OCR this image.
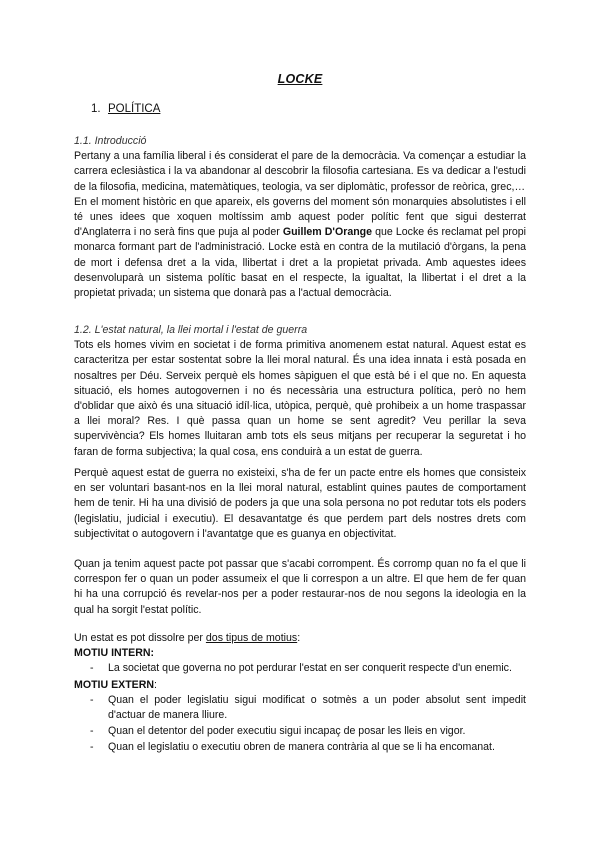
LOCKE
1. POLÍTICA

1.1. Introducció

Pertany a una família liberal i és considerat el pare de la democràcia. Va començar a estudiar la carrera eclesiàstica i la va abandonar al descobrir la filosofia cartesiana. Es va dedicar a l'estudi de la filosofia, medicina, matemàtiques, teologia, va ser diplomàtic, professor de reòrica, grec,…

En el moment històric en que apareix, els governs del moment són monarquies absolutistes i ell té unes idees que xoquen moltíssim amb aquest poder polític fent que sigui desterrat d'Anglaterra i no serà fins que puja al poder Guillem D'Orange que Locke és reclamat pel propi monarca formant part de l'administració. Locke està en contra de la mutilació d'òrgans, la pena de mort i defensa dret a la vida, llibertat i dret a la propietat privada. Amb aquestes idees desenvoluparà un sistema polític basat en el respecte, la igualtat, la llibertat i el dret a la propietat privada; un sistema que donarà pas a l'actual democràcia.

1.2. L'estat natural, la llei mortal i l'estat de guerra

Tots els homes vivim en societat i de forma primitiva anomenem estat natural. Aquest estat es caracteritza per estar sostentat sobre la llei moral natural. És una idea innata i està posada en nosaltres per Déu. Serveix perquè els homes sàpiguen el que està bé i el que no. En aquesta situació, els homes autogovernen i no és necessària una estructura política, però no hem d'oblidar que això és una situació idíl·lica, utòpica, perquè, què prohibeix a un home traspassar a llei moral? Res. I què passa quan un home se sent agredit? Veu perillar la seva supervivència? Els homes lluitaran amb tots els seus mitjans per recuperar la seguretat i ho faran de forma subjectiva; la qual cosa, ens conduirà a un estat de guerra.

Perquè aquest estat de guerra no existeixi, s'ha de fer un pacte entre els homes que consisteix en ser voluntari basant-nos en la llei moral natural, establint quines pautes de comportament hem de tenir. Hi ha una divisió de poders ja que una sola persona no pot redutar tots els poders (legislatiu, judicial i executiu). El desavantatge és que perdem part dels nostres drets com subjectivitat o autogovern i l'avantatge que es guanya en objectivitat.

Quan ja tenim aquest pacte pot passar que s'acabi corrompent. És corromp quan no fa el que li correspon fer o quan un poder assumeix el que li correspon a un altre. El que hem de fer quan hi ha una corrupció és revelar-nos per a poder restaurar-nos de nou segons la ideologia en la qual ha sorgit l'estat polític.

Un estat es pot dissolre per dos tipus de motius:

MOTIU INTERN:

- La societat que governa no pot perdurar l'estat en ser conquerit respecte d'un enemic.

MOTIU EXTERN:

- Quan el poder legislatiu sigui modificat o sotmès a un poder absolut sent impedit d'actuar de manera lliure.
- Quan el detentor del poder executiu sigui incapaç de posar les lleis en vigor.
- Quan el legislatiu o executiu obren de manera contrària al que se li ha encomanat.
